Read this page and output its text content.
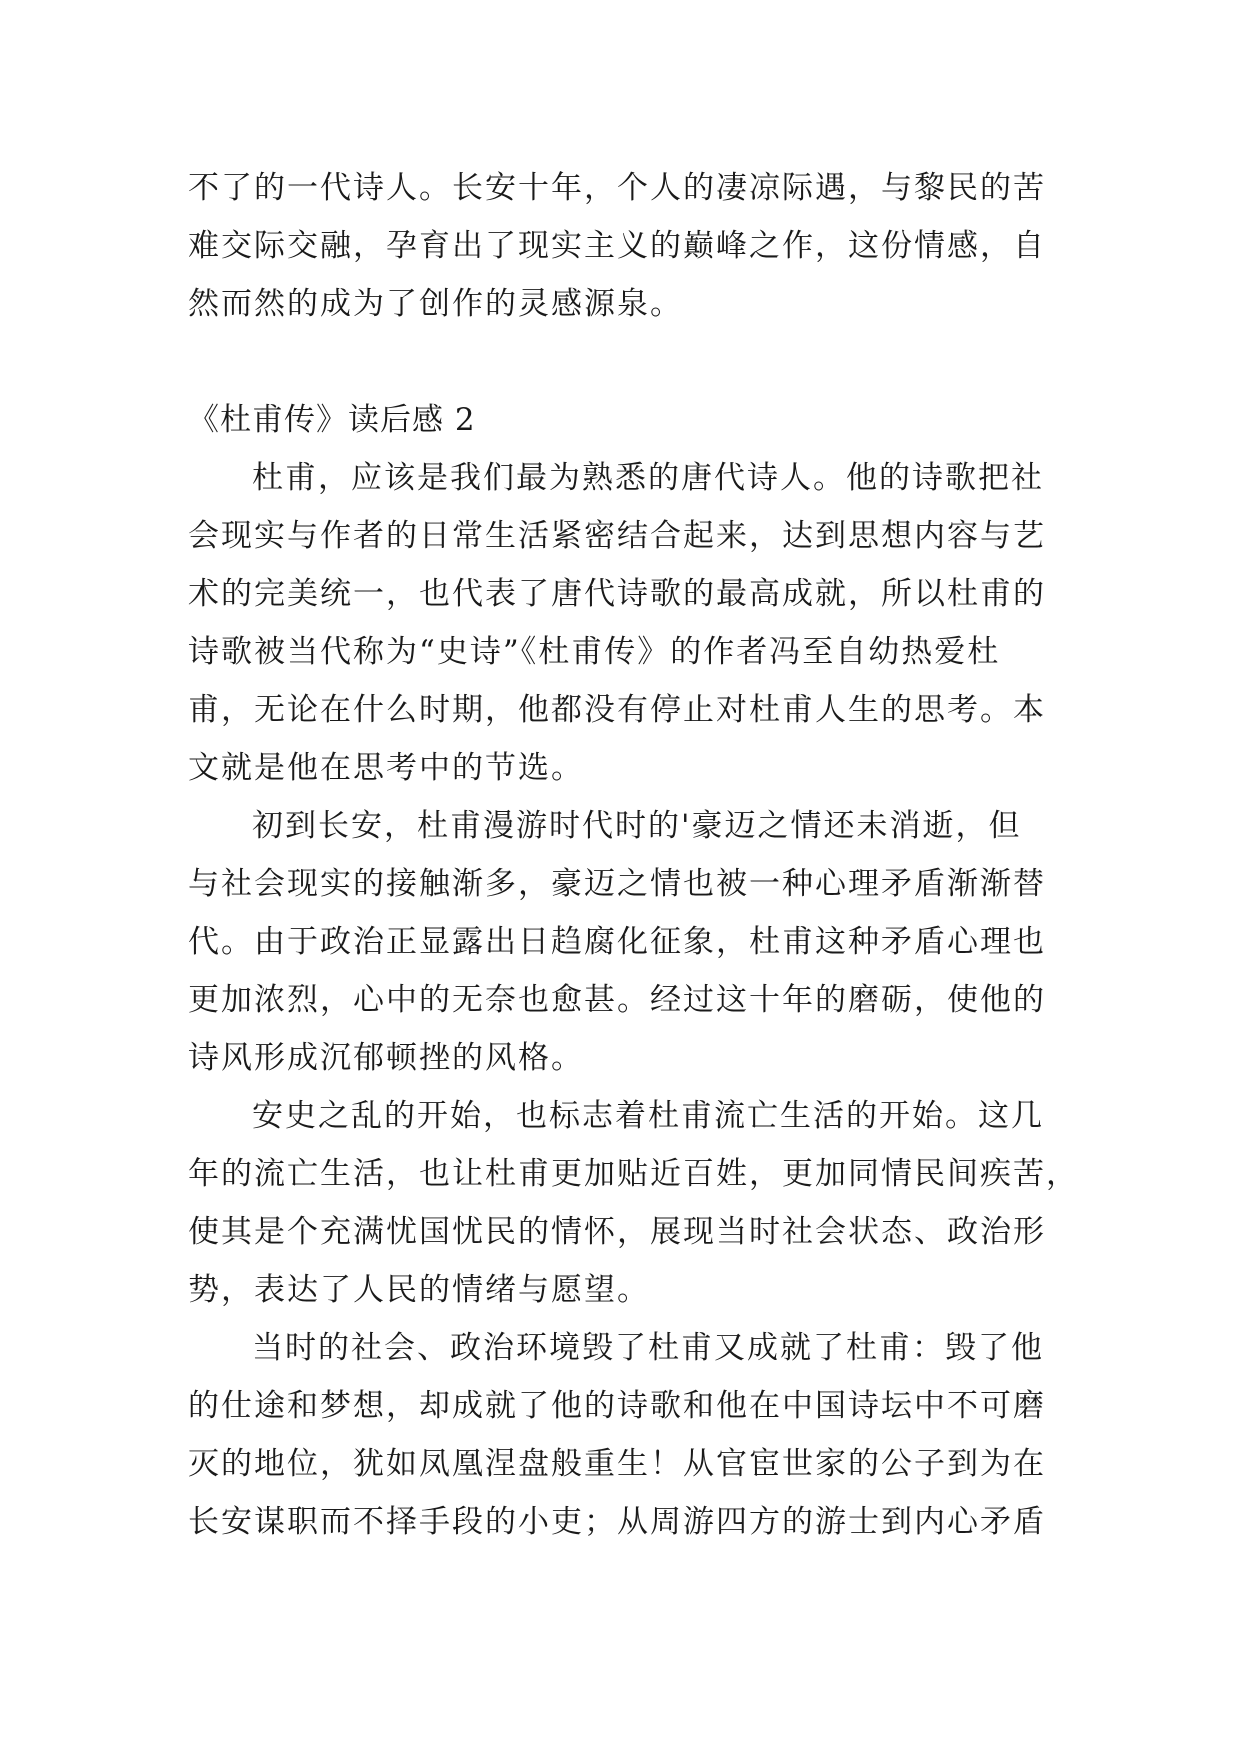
不了的一代诗人。长安十年，个人的凄凉际遇，与黎民的苦
难交际交融，孕育出了现实主义的巅峰之作，这份情感，自
然而然的成为了创作的灵感源泉。
《杜甫传》读后感 2
杜甫，应该是我们最为熟悉的唐代诗人。他的诗歌把社
会现实与作者的日常生活紧密结合起来，达到思想内容与艺
术的完美统一，也代表了唐代诗歌的最高成就，所以杜甫的
诗歌被当代称为“史诗”《杜甫传》的作者冯至自幼热爱杜
甫，无论在什么时期，他都没有停止对杜甫人生的思考。本
文就是他在思考中的节选。
初到长安，杜甫漫游时代时的'豪迈之情还未消逝，但
与社会现实的接触渐多，豪迈之情也被一种心理矛盾渐渐替
代。由于政治正显露出日趋腐化征象，杜甫这种矛盾心理也
更加浓烈，心中的无奈也愈甚。经过这十年的磨砺，使他的
诗风形成沉郁顿挫的风格。
安史之乱的开始，也标志着杜甫流亡生活的开始。这几
年的流亡生活，也让杜甫更加贴近百姓，更加同情民间疾苦，
使其是个充满忧国忧民的情怀，展现当时社会状态、政治形
势，表达了人民的情绪与愿望。
当时的社会、政治环境毁了杜甫又成就了杜甫：毁了他
的仕途和梦想，却成就了他的诗歌和他在中国诗坛中不可磨
灭的地位，犹如凤凰涅盘般重生！从官宦世家的公子到为在
长安谋职而不择手段的小吏；从周游四方的游士到内心矛盾
